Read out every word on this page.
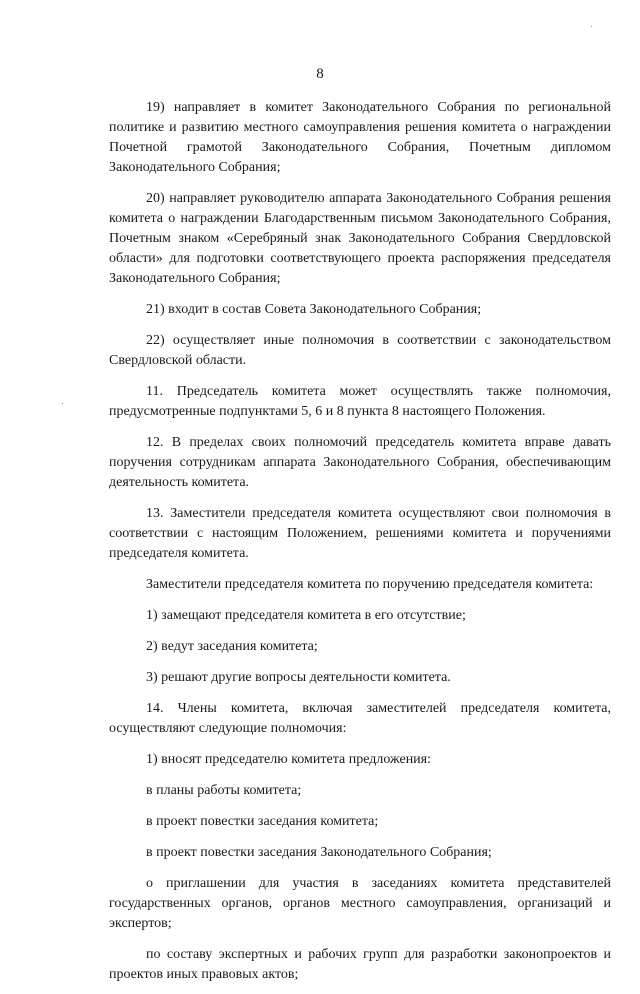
8

19) направляет в комитет Законодательного Собрания по региональной политике и развитию местного самоуправления решения комитета о награждении Почетной грамотой Законодательного Собрания, Почетным дипломом Законодательного Собрания;

20) направляет руководителю аппарата Законодательного Собрания решения комитета о награждении Благодарственным письмом Законодательного Собрания, Почетным знаком «Серебряный знак Законодательного Собрания Свердловской области» для подготовки соответствующего проекта распоряжения председателя Законодательного Собрания;

21) входит в состав Совета Законодательного Собрания;

22) осуществляет иные полномочия в соответствии с законодательством Свердловской области.

11. Председатель комитета может осуществлять также полномочия, предусмотренные подпунктами 5, 6 и 8 пункта 8 настоящего Положения.

12. В пределах своих полномочий председатель комитета вправе давать поручения сотрудникам аппарата Законодательного Собрания, обеспечивающим деятельность комитета.

13. Заместители председателя комитета осуществляют свои полномочия в соответствии с настоящим Положением, решениями комитета и поручениями председателя комитета.

Заместители председателя комитета по поручению председателя комитета:

1) замещают председателя комитета в его отсутствие;

2) ведут заседания комитета;

3) решают другие вопросы деятельности комитета.

14. Члены комитета, включая заместителей председателя комитета, осуществляют следующие полномочия:

1) вносят председателю комитета предложения:

в планы работы комитета;

в проект повестки заседания комитета;

в проект повестки заседания Законодательного Собрания;

о приглашении для участия в заседаниях комитета представителей государственных органов, органов местного самоуправления, организаций и экспертов;

по составу экспертных и рабочих групп для разработки законопроектов и проектов иных правовых актов;
